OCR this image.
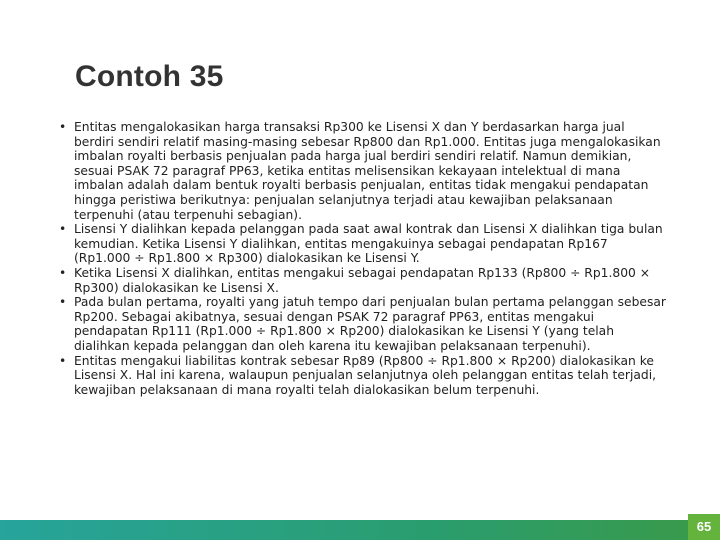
Contoh 35
• Entitas mengalokasikan harga transaksi Rp300 ke Lisensi X dan Y berdasarkan harga jual berdiri sendiri relatif masing-masing sebesar Rp800 dan Rp1.000. Entitas juga mengalokasikan imbalan royalti berbasis penjualan pada harga jual berdiri sendiri relatif. Namun demikian, sesuai PSAK 72 paragraf PP63, ketika entitas melisensikan kekayaan intelektual di mana imbalan adalah dalam bentuk royalti berbasis penjualan, entitas tidak mengakui pendapatan hingga peristiwa berikutnya: penjualan selanjutnya terjadi atau kewajiban pelaksanaan terpenuhi (atau terpenuhi sebagian).
• Lisensi Y dialihkan kepada pelanggan pada saat awal kontrak dan Lisensi X dialihkan tiga bulan kemudian. Ketika Lisensi Y dialihkan, entitas mengakuinya sebagai pendapatan Rp167 (Rp1.000 ÷ Rp1.800 × Rp300) dialokasikan ke Lisensi Y.
• Ketika Lisensi X dialihkan, entitas mengakui sebagai pendapatan Rp133 (Rp800 ÷ Rp1.800 × Rp300) dialokasikan ke Lisensi X.
• Pada bulan pertama, royalti yang jatuh tempo dari penjualan bulan pertama pelanggan sebesar Rp200. Sebagai akibatnya, sesuai dengan PSAK 72 paragraf PP63, entitas mengakui pendapatan Rp111 (Rp1.000 ÷ Rp1.800 × Rp200) dialokasikan ke Lisensi Y (yang telah dialihkan kepada pelanggan dan oleh karena itu kewajiban pelaksanaan terpenuhi).
• Entitas mengakui liabilitas kontrak sebesar Rp89 (Rp800 ÷ Rp1.800 × Rp200) dialokasikan ke Lisensi X. Hal ini karena, walaupun penjualan selanjutnya oleh pelanggan entitas telah terjadi, kewajiban pelaksanaan di mana royalti telah dialokasikan belum terpenuhi.
65
